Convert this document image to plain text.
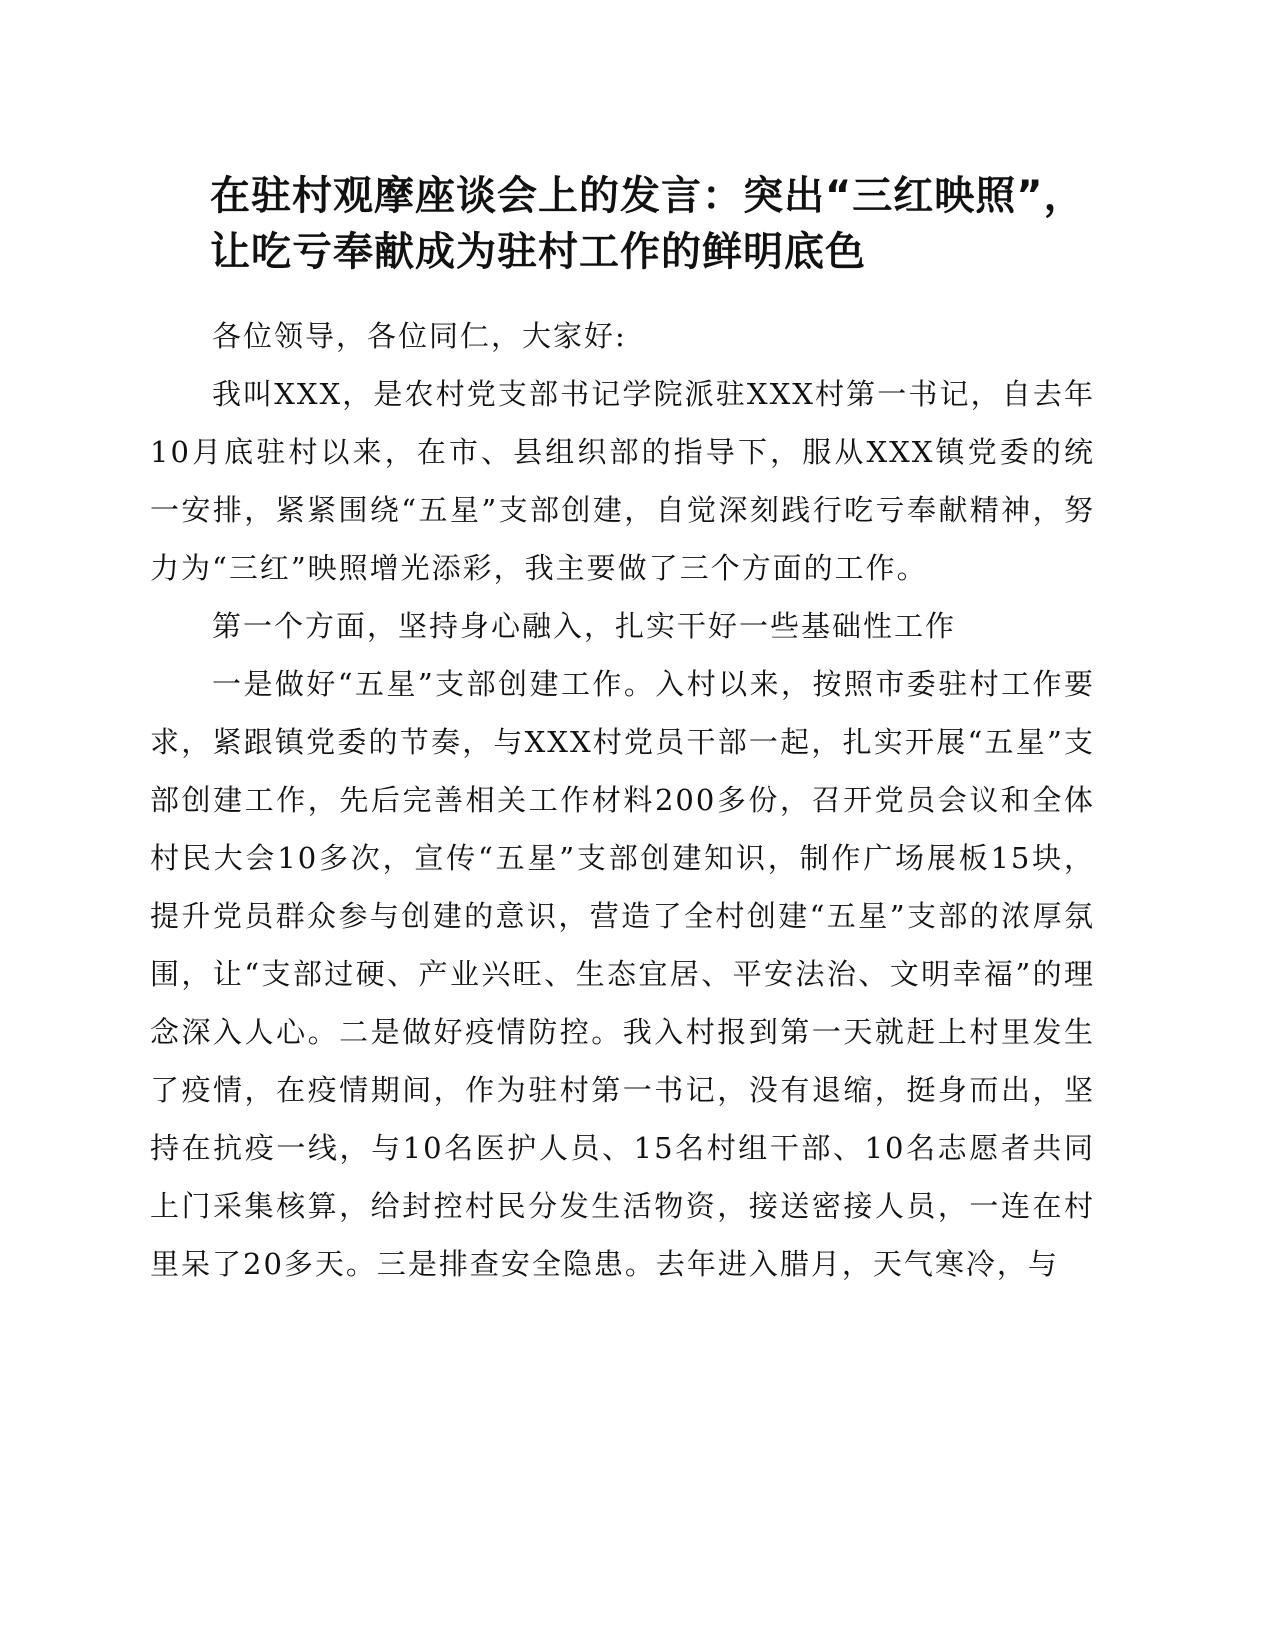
在驻村观摩座谈会上的发言：突出“三红映照”，让吃亏奉献成为驻村工作的鲜明底色

各位领导，各位同仁，大家好:

我叫XXX，是农村党支部书记学院派驻XXX村第一书记，自去年10月底驻村以来，在市、县组织部的指导下，服从XXX镇党委的统一安排，紧紧围绕“五星”支部创建，自觉深刻践行吃亏奉献精神，努力为“三红”映照增光添彩，我主要做了三个方面的工作。

第一个方面，坚持身心融入，扎实干好一些基础性工作

一是做好“五星”支部创建工作。入村以来，按照市委驻村工作要求，紧跟镇党委的节奏，与XXX村党员干部一起，扎实开展“五星”支部创建工作，先后完善相关工作材料200多份，召开党员会议和全体村民大会10多次，宣传“五星”支部创建知识，制作广场展板15块，提升党员群众参与创建的意识，营造了全村创建“五星”支部的浓厚氛围，让“支部过硬、产业兴旺、生态宜居、平安法治、文明幸福”的理念深入人心。二是做好疫情防控。我入村报到第一天就赶上村里发生了疫情，在疫情期间，作为驻村第一书记，没有退缩，挺身而出，坚持在抗疫一线，与10名医护人员、15名村组干部、10名志愿者共同上门采集核算，给封控村民分发生活物资，接送密接人员，一连在村里呆了20多天。三是排查安全隐患。去年进入腊月，天气寒冷，与
